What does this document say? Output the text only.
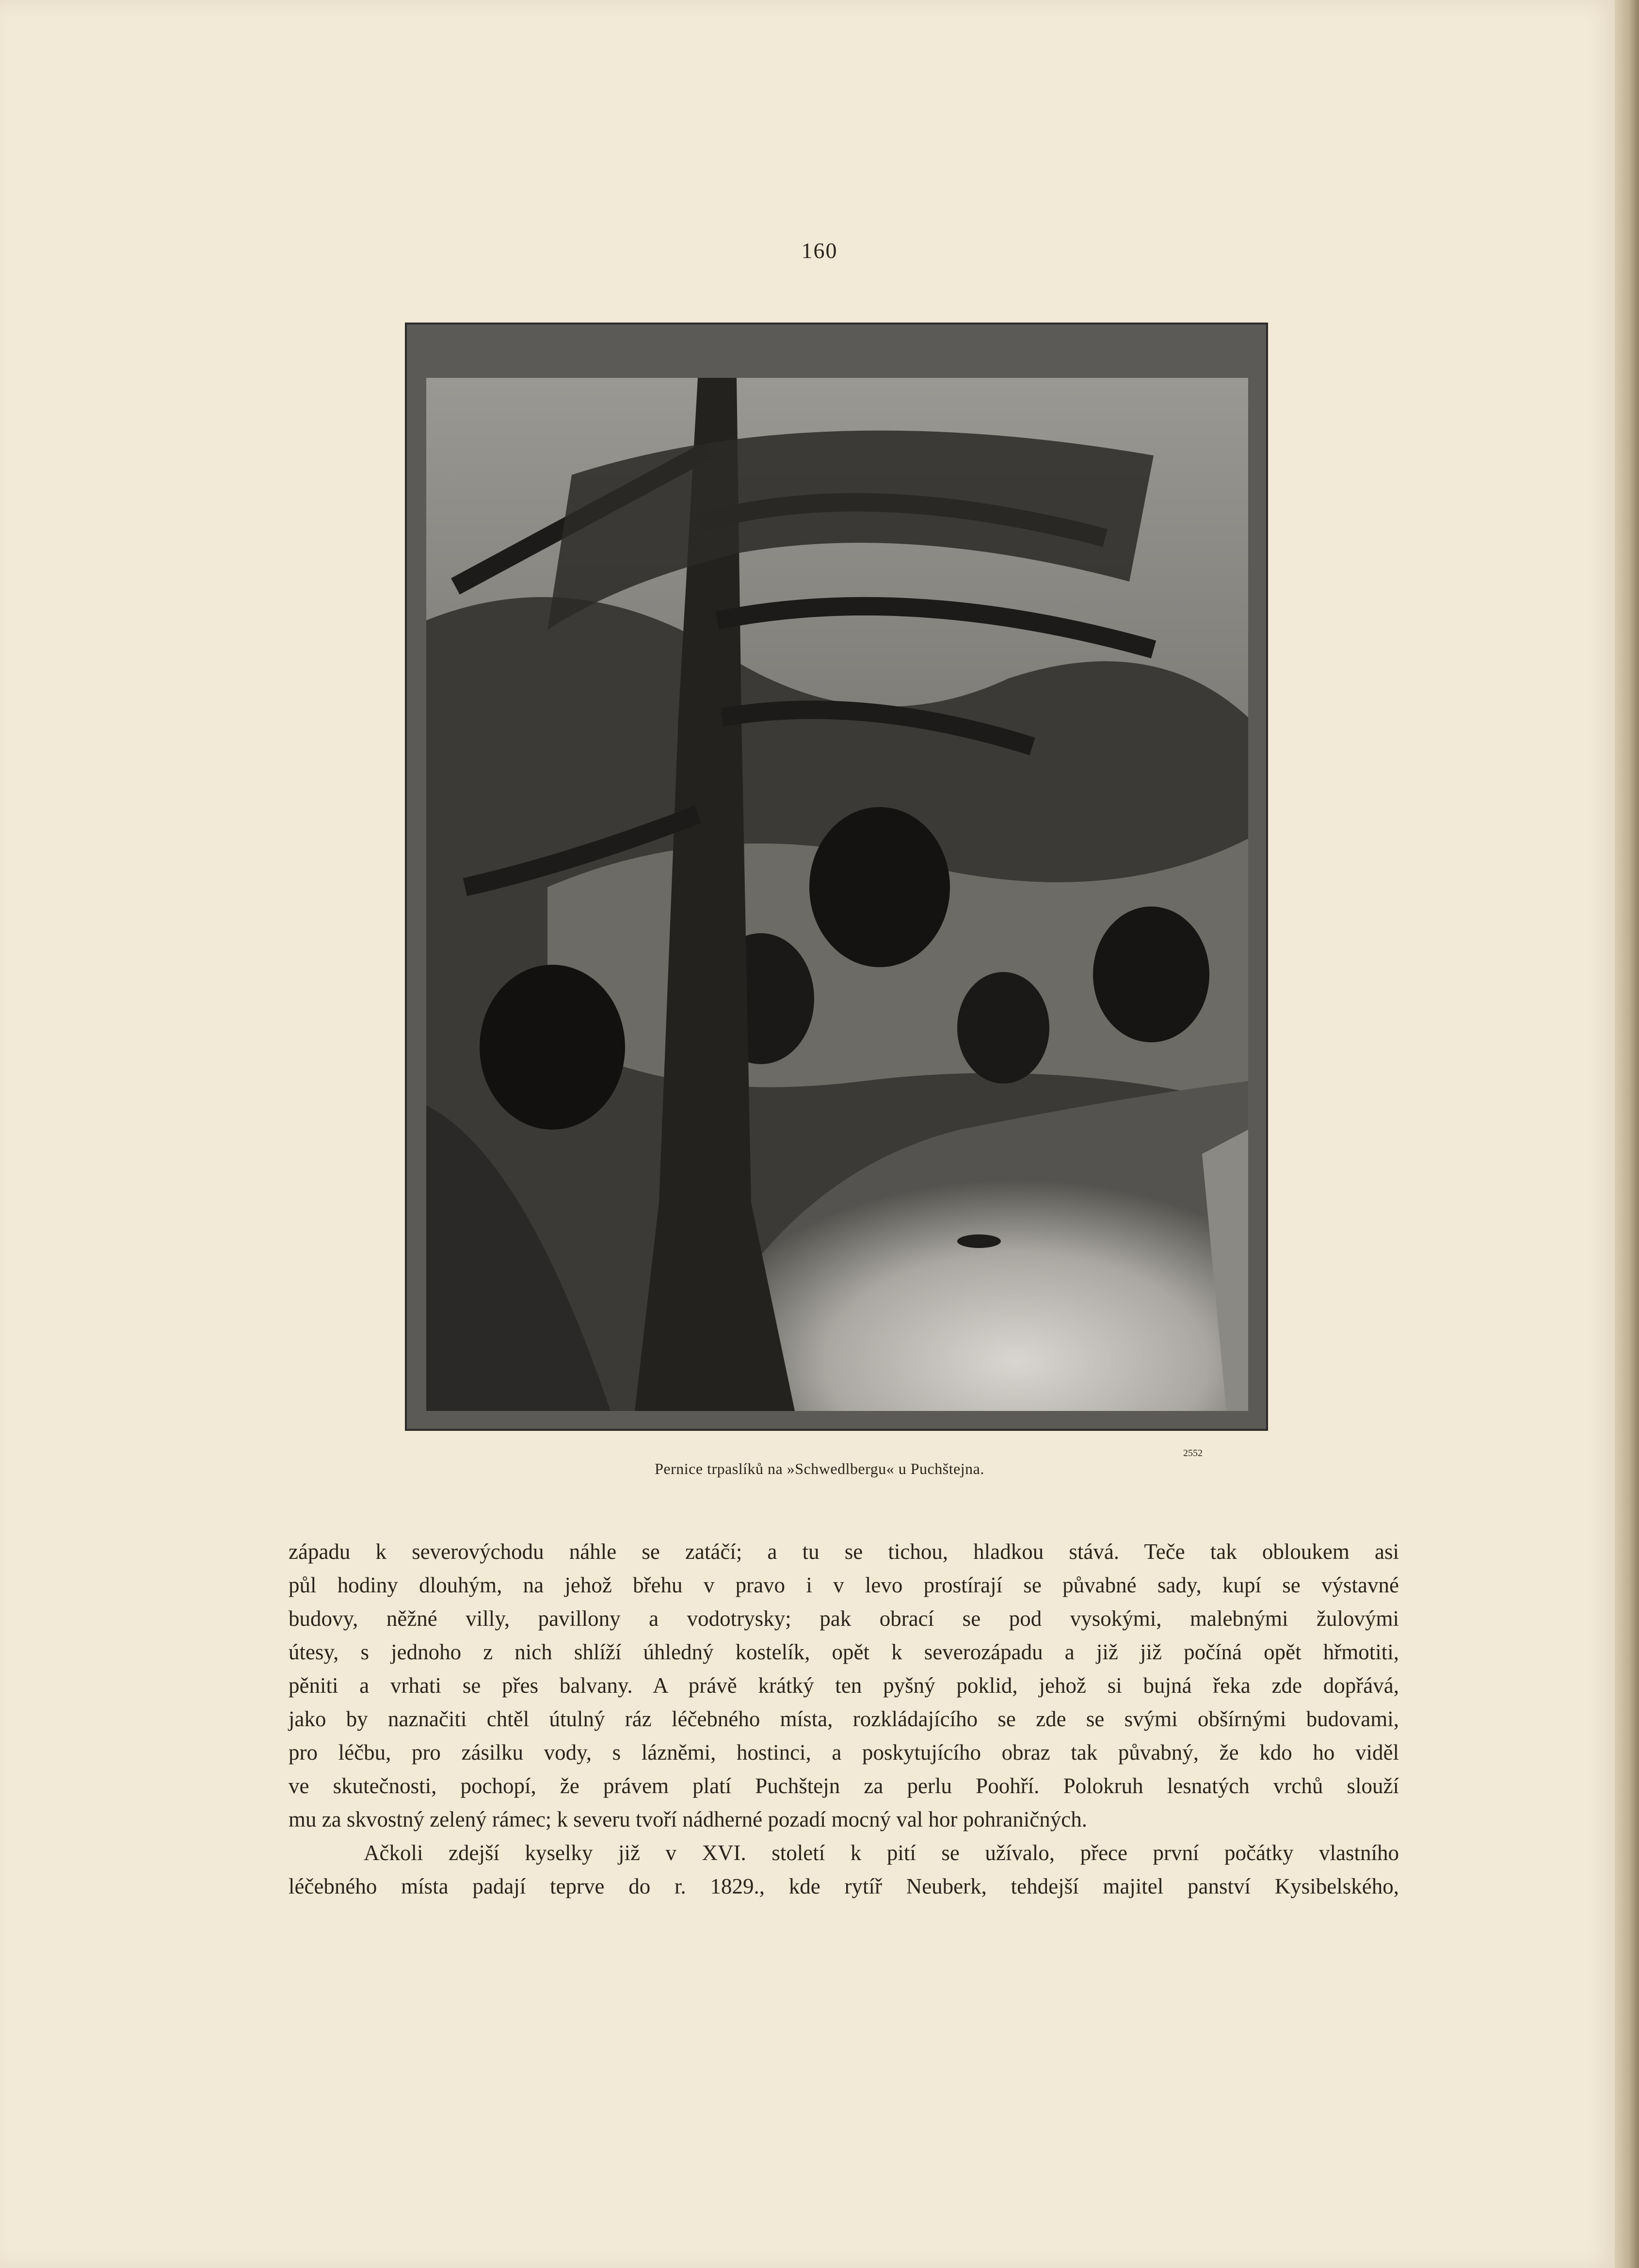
160
2552
Pernice trpaslíků na »Schwedlbergu« u Puchštejna.
západu k severovýchodu náhle se zatáčí; a tu se tichou, hladkou stává. Teče tak obloukem asi
půl hodiny dlouhým, na jehož břehu v pravo i v levo prostírají se půvabné sady, kupí se výstavné
budovy, něžné villy, pavillony a vodotrysky; pak obrací se pod vysokými, malebnými žulovými
útesy, s jednoho z nich shlíží úhledný kostelík, opět k severozápadu a již již počíná opět hřmotiti,
pěniti a vrhati se přes balvany. A právě krátký ten pyšný poklid, jehož si bujná řeka zde dopřává,
jako by naznačiti chtěl útulný ráz léčebného místa, rozkládajícího se zde se svými obšírnými budovami,
pro léčbu, pro zásilku vody, s lázněmi, hostinci, a poskytujícího obraz tak půvabný, že kdo ho viděl
ve skutečnosti, pochopí, že právem platí Puchštejn za perlu Poohří. Polokruh lesnatých vrchů slouží
mu za skvostný zelený rámec; k severu tvoří nádherné pozadí mocný val hor pohraničných.
Ačkoli zdejší kyselky již v XVI. století k pití se užívalo, přece první počátky vlastního
léčebného místa padají teprve do r. 1829., kde rytíř Neuberk, tehdejší majitel panství Kysibelského,
